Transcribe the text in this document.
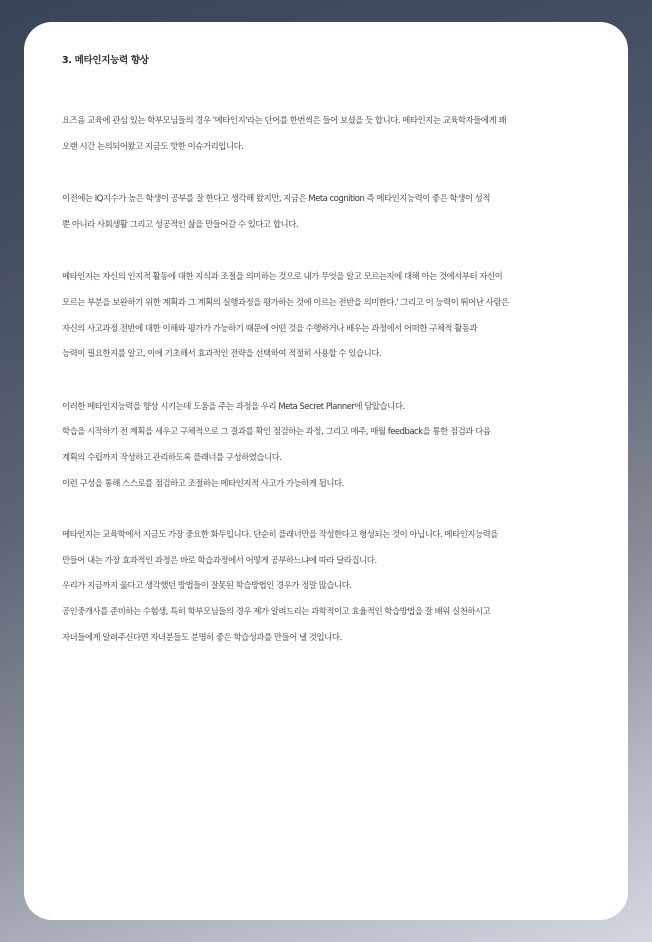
3. 메타인지능력 향상
요즈음 교육에 관심 있는 학부모님들의 경우 '메타인지'라는 단어를 한번씩은 들어 보셨을 듯 합니다. 메타인지는 교육학자들에게 꽤
오랜 시간 논의되어왔고 지금도 핫한 이슈거리입니다.
이전에는 IQ지수가 높은 학생이 공부를 잘 한다고 생각해 왔지만, 지금은 Meta cognition 즉 메타인지능력이 좋은 학생이 성적
뿐 아니라 사회생활 그리고 성공적인 삶을 만들어갈 수 있다고 합니다.
메타인지는 자신의 인지적 활동에 대한 지식과 조절을 의미하는 것으로 내가 무엇을 알고 모르는지에 대해 아는 것에서부터 자신이
모르는 부분을 보완하기 위한 계획과 그 계획의 실행과정을 평가하는 것에 이르는 전반을 의미한다.' 그리고 이 능력이 뛰어난 사람은
자신의 사고과정 전반에 대한 이해와 평가가 가능하기 때문에 어떤 것을 수행하거나 배우는 과정에서 어떠한 구체적 활동과
능력이 필요한지를 알고, 이에 기초해서 효과적인 전략을 선택하여 적절히 사용할 수 있습니다.
이러한 메타인지능력을 향상 시키는데 도움을 주는 과정을 우리 Meta Secret Planner에 담았습니다.
학습을 시작하기 전 계획을 세우고 구체적으로 그 결과를 확인 점검하는 과정, 그리고 매주, 매월 feedback을 통한 점검과 다음
계획의 수립까지 작성하고 관리하도록 플래너를 구성하였습니다.
이런 구성을 통해 스스로를 점검하고 조절하는 메타인지적 사고가 가능하게 됩니다.
메타인지는 교육학에서 지금도 가장 중요한 화두입니다. 단순히 플래너만을 작성한다고 형성되는 것이 아닙니다. 메타인지능력을
만들어 내는 가장 효과적인 과정은 바로 학습과정에서 어떻게 공부하느냐에 따라 달라집니다.
우리가 지금까지 옳다고 생각했던 방법들이 잘못된 학습방법인 경우가 정말 많습니다.
공인중개사를 준비하는 수험생, 특히 학부모님들의 경우 제가 알려드리는 과학적이고 효율적인 학습방법을 잘 배워 실천하시고
자녀들에게 알려주신다면 자녀분들도 분명히 좋은 학습성과를 만들어 낼 것입니다.
